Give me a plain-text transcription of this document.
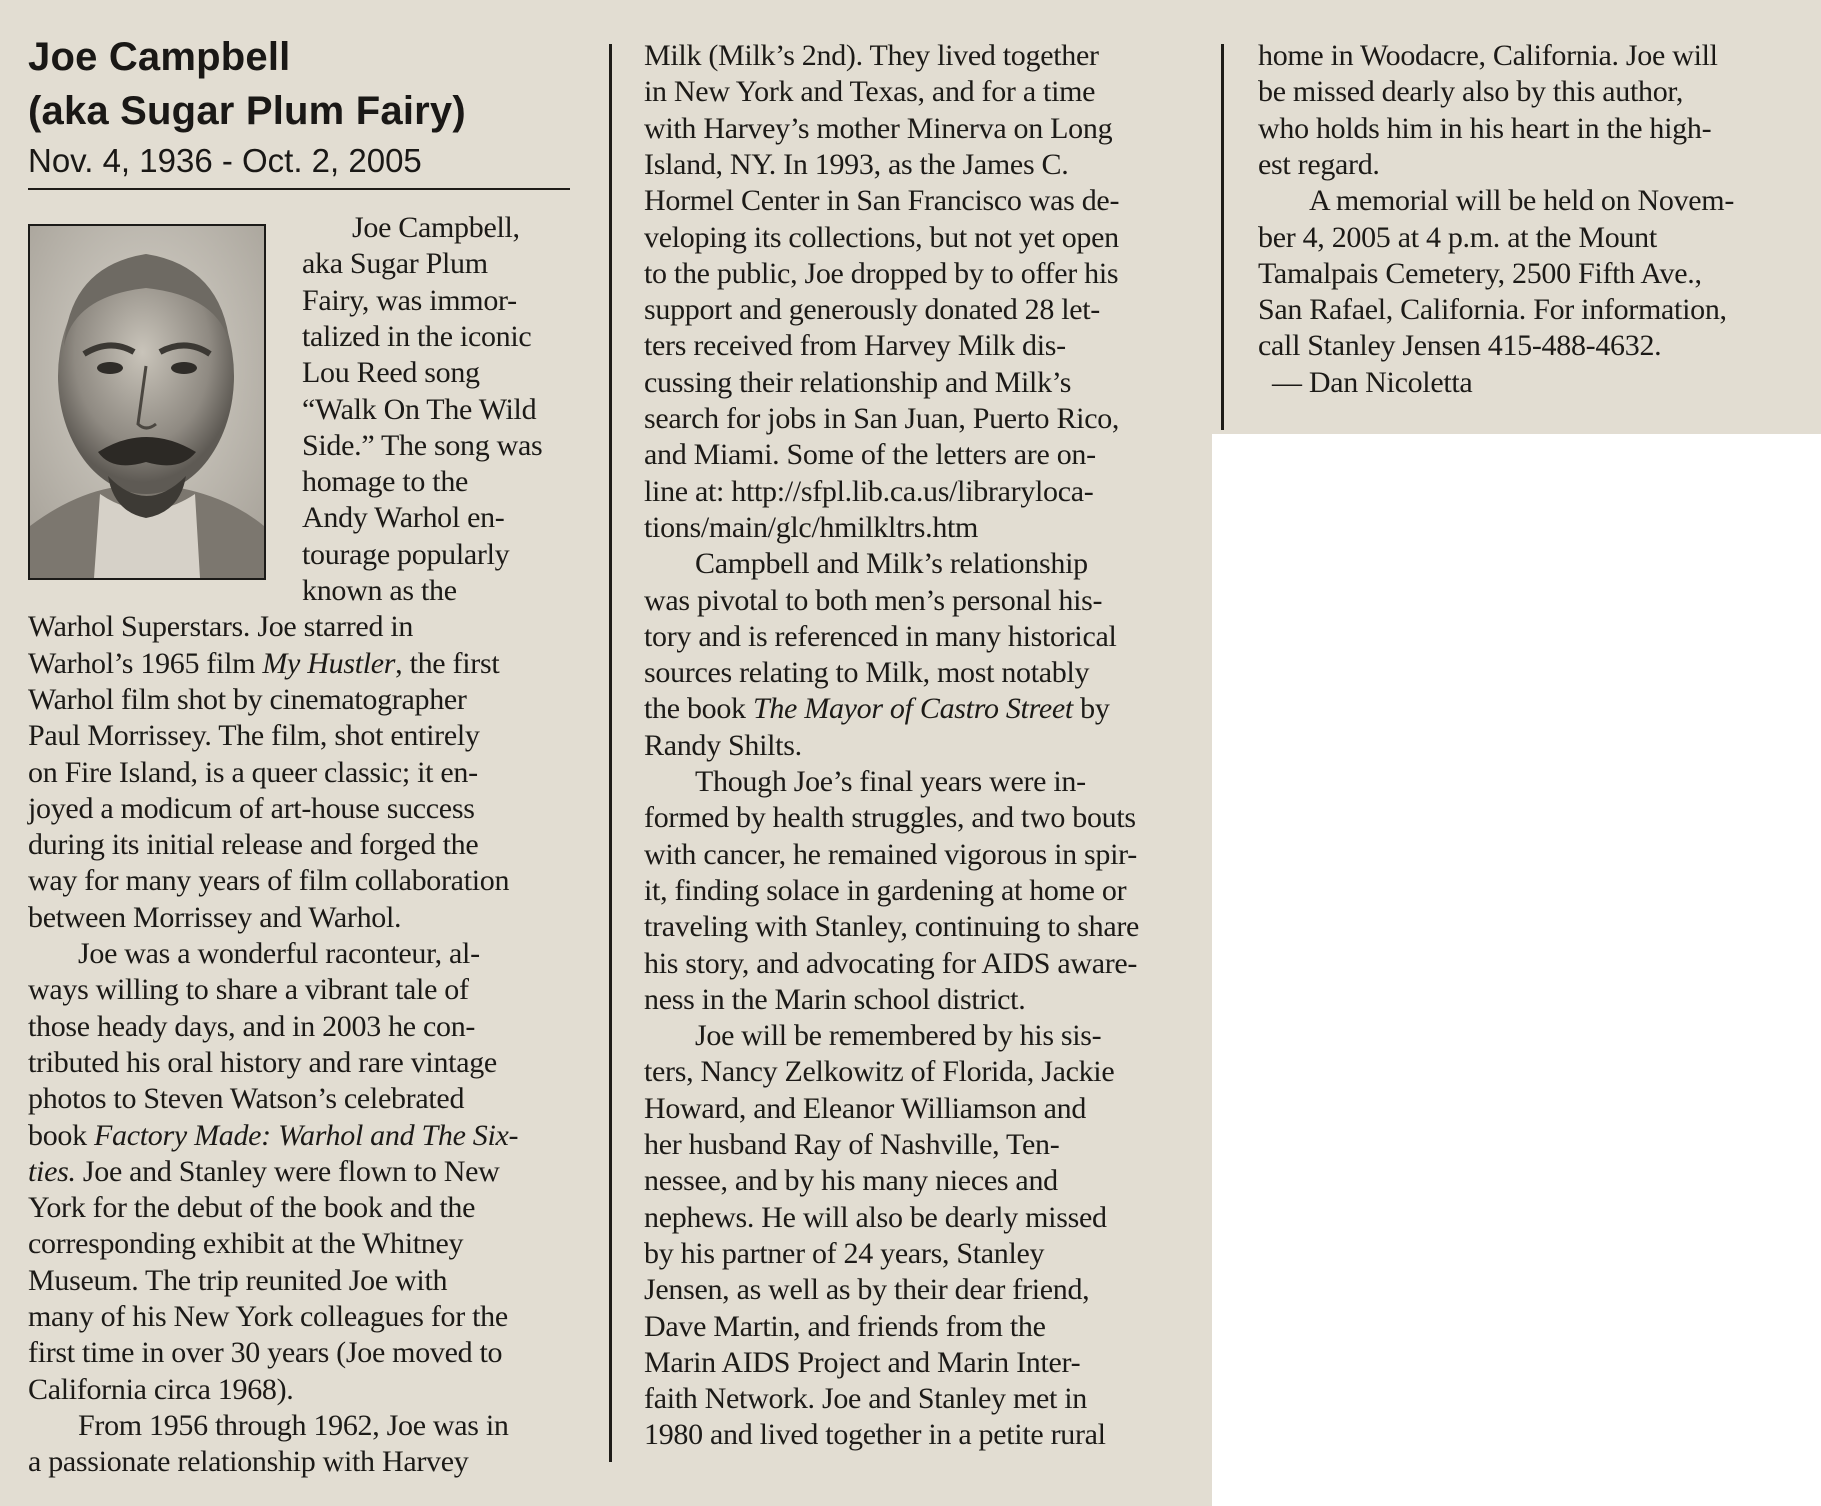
Joe Campbell
(aka Sugar Plum Fairy)
Nov. 4, 1936 - Oct. 2, 2005
Joe Campbell,
aka Sugar Plum
Fairy, was immor-
talized in the iconic
Lou Reed song
“Walk On The Wild
Side.” The song was
homage to the
Andy Warhol en-
tourage popularly
known as the
Warhol Superstars. Joe starred in
Warhol’s 1965 film My Hustler, the first
Warhol film shot by cinematographer
Paul Morrissey. The film, shot entirely
on Fire Island, is a queer classic; it en-
joyed a modicum of art-house success
during its initial release and forged the
way for many years of film collaboration
between Morrissey and Warhol.
Joe was a wonderful raconteur, al-
ways willing to share a vibrant tale of
those heady days, and in 2003 he con-
tributed his oral history and rare vintage
photos to Steven Watson’s celebrated
book Factory Made: Warhol and The Six-
ties. Joe and Stanley were flown to New
York for the debut of the book and the
corresponding exhibit at the Whitney
Museum. The trip reunited Joe with
many of his New York colleagues for the
first time in over 30 years (Joe moved to
California circa 1968).
From 1956 through 1962, Joe was in
a passionate relationship with Harvey
Milk (Milk’s 2nd). They lived together
in New York and Texas, and for a time
with Harvey’s mother Minerva on Long
Island, NY. In 1993, as the James C.
Hormel Center in San Francisco was de-
veloping its collections, but not yet open
to the public, Joe dropped by to offer his
support and generously donated 28 let-
ters received from Harvey Milk dis-
cussing their relationship and Milk’s
search for jobs in San Juan, Puerto Rico,
and Miami. Some of the letters are on-
line at: http://sfpl.lib.ca.us/libraryloca-
tions/main/glc/hmilkltrs.htm
Campbell and Milk’s relationship
was pivotal to both men’s personal his-
tory and is referenced in many historical
sources relating to Milk, most notably
the book The Mayor of Castro Street by
Randy Shilts.
Though Joe’s final years were in-
formed by health struggles, and two bouts
with cancer, he remained vigorous in spir-
it, finding solace in gardening at home or
traveling with Stanley, continuing to share
his story, and advocating for AIDS aware-
ness in the Marin school district.
Joe will be remembered by his sis-
ters, Nancy Zelkowitz of Florida, Jackie
Howard, and Eleanor Williamson and
her husband Ray of Nashville, Ten-
nessee, and by his many nieces and
nephews. He will also be dearly missed
by his partner of 24 years, Stanley
Jensen, as well as by their dear friend,
Dave Martin, and friends from the
Marin AIDS Project and Marin Inter-
faith Network. Joe and Stanley met in
1980 and lived together in a petite rural
home in Woodacre, California. Joe will
be missed dearly also by this author,
who holds him in his heart in the high-
est regard.
A memorial will be held on Novem-
ber 4, 2005 at 4 p.m. at the Mount
Tamalpais Cemetery, 2500 Fifth Ave.,
San Rafael, California. For information,
call Stanley Jensen 415-488-4632.
— Dan Nicoletta
